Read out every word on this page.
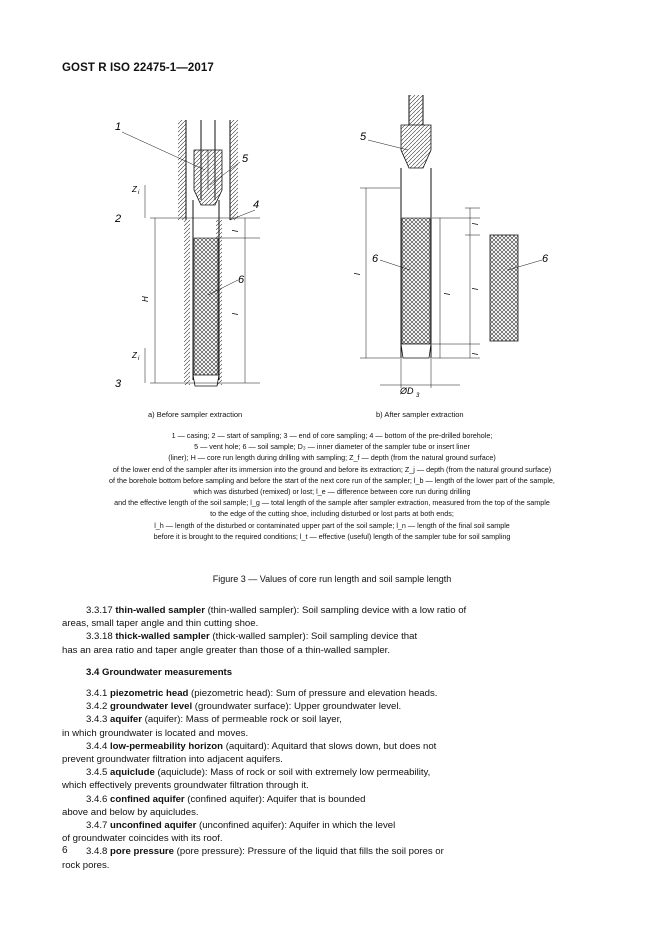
GOST R ISO 22475-1—2017
1
5
2
4
6
3
Z i
Z i
H
l
l
5
6	6
l
l
l
l
l
ØD 3
a) Before sampler extraction	b) After sampler extraction
1 — casing; 2 — start of sampling; 3 — end of core sampling; 4 — bottom of the pre-drilled borehole;
5 — vent hole; 6 — soil sample; D₃ — inner diameter of the sampler tube or insert liner
(liner); H — core run length during drilling with sampling; Z_f — depth (from the natural ground surface)
of the lower end of the sampler after its immersion into the ground and before its extraction; Z_j — depth (from the natural ground surface)
of the borehole bottom before sampling and before the start of the next core run of the sampler; l_b — length of the lower part of the sample,
which was disturbed (remixed) or lost; l_e — difference between core run during drilling
and the effective length of the soil sample; l_g — total length of the sample after sampler extraction, measured from the top of the sample
to the edge of the cutting shoe, including disturbed or lost parts at both ends;
l_h — length of the disturbed or contaminated upper part of the soil sample; l_n — length of the final soil sample
before it is brought to the required conditions; l_t — effective (useful) length of the sampler tube for soil sampling
Figure 3 — Values of core run length and soil sample length

3.3.17 thin-walled sampler (thin-walled sampler): Soil sampling device with a low ratio of

areas, small taper angle and thin cutting shoe.

3.3.18 thick-walled sampler (thick-walled sampler): Soil sampling device that

has an area ratio and taper angle greater than those of a thin-walled sampler.

3.4 Groundwater measurements

3.4.1 piezometric head (piezometric head): Sum of pressure and elevation heads.

3.4.2 groundwater level (groundwater surface): Upper groundwater level.

3.4.3 aquifer (aquifer): Mass of permeable rock or soil layer,

in which groundwater is located and moves.

3.4.4 low-permeability horizon (aquitard): Aquitard that slows down, but does not

prevent groundwater filtration into adjacent aquifers.

3.4.5 aquiclude (aquiclude): Mass of rock or soil with extremely low permeability,

which effectively prevents groundwater filtration through it.

3.4.6 confined aquifer (confined aquifer): Aquifer that is bounded

above and below by aquicludes.

3.4.7 unconfined aquifer (unconfined aquifer): Aquifer in which the level

of groundwater coincides with its roof.

3.4.8 pore pressure (pore pressure): Pressure of the liquid that fills the soil pores or

rock pores.

6
